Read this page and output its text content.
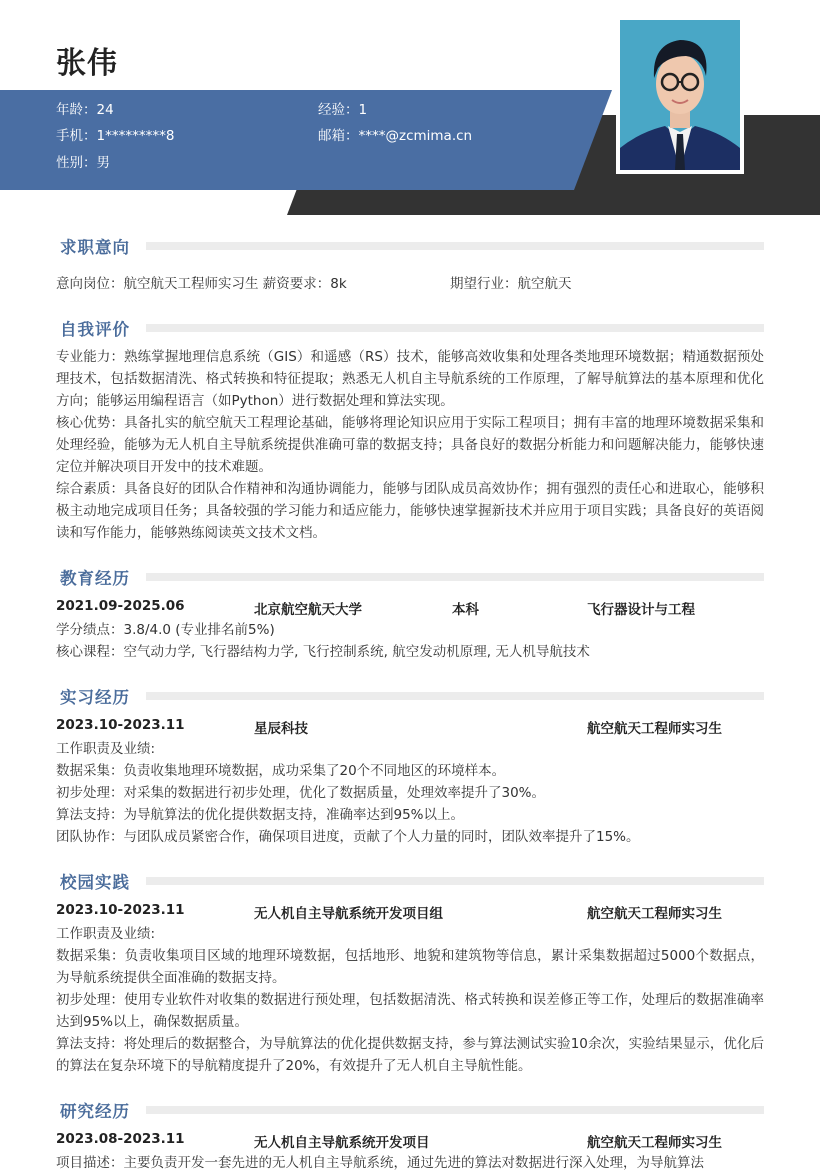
张伟
年龄：24	经验：1
手机：1*********8	邮箱：****@zcmima.cn
性别：男
求职意向
意向岗位：航空航天工程师实习生 薪资要求：8k	期望行业：航空航天
自我评价
专业能力：熟练掌握地理信息系统（GIS）和遥感（RS）技术，能够高效收集和处理各类地理环境数据；精通数据预处理技术，包括数据清洗、格式转换和特征提取；熟悉无人机自主导航系统的工作原理，了解导航算法的基本原理和优化方向；能够运用编程语言（如Python）进行数据处理和算法实现。
核心优势：具备扎实的航空航天工程理论基础，能够将理论知识应用于实际工程项目；拥有丰富的地理环境数据采集和处理经验，能够为无人机自主导航系统提供准确可靠的数据支持；具备良好的数据分析能力和问题解决能力，能够快速定位并解决项目开发中的技术难题。
综合素质：具备良好的团队合作精神和沟通协调能力，能够与团队成员高效协作；拥有强烈的责任心和进取心，能够积极主动地完成项目任务；具备较强的学习能力和适应能力，能够快速掌握新技术并应用于项目实践；具备良好的英语阅读和写作能力，能够熟练阅读英文技术文档。
教育经历
2021.09-2025.06	北京航空航天大学	本科	飞行器设计与工程
学分绩点：3.8/4.0 (专业排名前5%)
核心课程：空气动力学, 飞行器结构力学, 飞行控制系统, 航空发动机原理, 无人机导航技术
实习经历
2023.10-2023.11	星辰科技	航空航天工程师实习生
工作职责及业绩:
数据采集：负责收集地理环境数据，成功采集了20个不同地区的环境样本。
初步处理：对采集的数据进行初步处理，优化了数据质量，处理效率提升了30%。
算法支持：为导航算法的优化提供数据支持，准确率达到95%以上。
团队协作：与团队成员紧密合作，确保项目进度，贡献了个人力量的同时，团队效率提升了15%。
校园实践
2023.10-2023.11	无人机自主导航系统开发项目组	航空航天工程师实习生
工作职责及业绩:
数据采集：负责收集项目区域的地理环境数据，包括地形、地貌和建筑物等信息，累计采集数据超过5000个数据点，为导航系统提供全面准确的数据支持。
初步处理：使用专业软件对收集的数据进行预处理，包括数据清洗、格式转换和误差修正等工作，处理后的数据准确率达到95%以上，确保数据质量。
算法支持：将处理后的数据整合，为导航算法的优化提供数据支持，参与算法测试实验10余次，实验结果显示，优化后的算法在复杂环境下的导航精度提升了20%，有效提升了无人机自主导航性能。
研究经历
2023.08-2023.11	无人机自主导航系统开发项目	航空航天工程师实习生
项目描述：主要负责开发一套先进的无人机自主导航系统，通过先进的算法对数据进行深入处理，为导航算法
